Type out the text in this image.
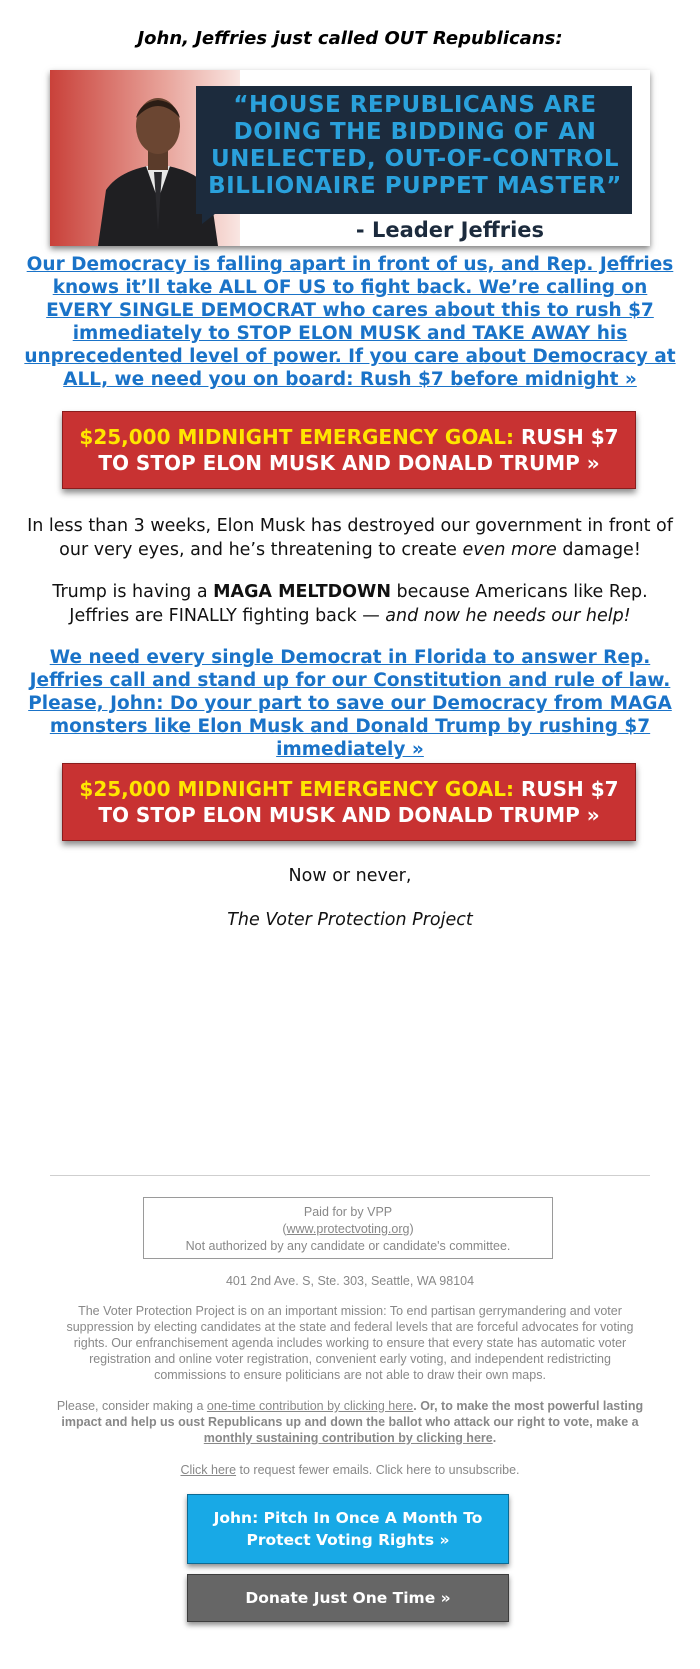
John, Jeffries just called OUT Republicans:
“HOUSE REPUBLICANS ARE DOING THE BIDDING OF AN UNELECTED, OUT-OF-CONTROL BILLIONAIRE PUPPET MASTER”
- Leader Jeffries
Our Democracy is falling apart in front of us, and Rep. Jeffries knows it’ll take ALL OF US to fight back. We’re calling on EVERY SINGLE DEMOCRAT who cares about this to rush $7 immediately to STOP ELON MUSK and TAKE AWAY his unprecedented level of power. If you care about Democracy at ALL, we need you on board: Rush $7 before midnight »
$25,000 MIDNIGHT EMERGENCY GOAL: RUSH $7 TO STOP ELON MUSK AND DONALD TRUMP »
In less than 3 weeks, Elon Musk has destroyed our government in front of our very eyes, and he’s threatening to create even more damage!
Trump is having a MAGA MELTDOWN because Americans like Rep. Jeffries are FINALLY fighting back — and now he needs our help!
We need every single Democrat in Florida to answer Rep. Jeffries call and stand up for our Constitution and rule of law. Please, John: Do your part to save our Democracy from MAGA monsters like Elon Musk and Donald Trump by rushing $7 immediately »
$25,000 MIDNIGHT EMERGENCY GOAL: RUSH $7 TO STOP ELON MUSK AND DONALD TRUMP »
Now or never,
The Voter Protection Project
Paid for by VPP
(www.protectvoting.org)
Not authorized by any candidate or candidate's committee.
401 2nd Ave. S, Ste. 303, Seattle, WA 98104
The Voter Protection Project is on an important mission: To end partisan gerrymandering and voter suppression by electing candidates at the state and federal levels that are forceful advocates for voting rights. Our enfranchisement agenda includes working to ensure that every state has automatic voter registration and online voter registration, convenient early voting, and independent redistricting commissions to ensure politicians are not able to draw their own maps.
Please, consider making a one-time contribution by clicking here. Or, to make the most powerful lasting impact and help us oust Republicans up and down the ballot who attack our right to vote, make a monthly sustaining contribution by clicking here.
Click here to request fewer emails. Click here to unsubscribe.
John: Pitch In Once A Month To Protect Voting Rights »
Donate Just One Time »
